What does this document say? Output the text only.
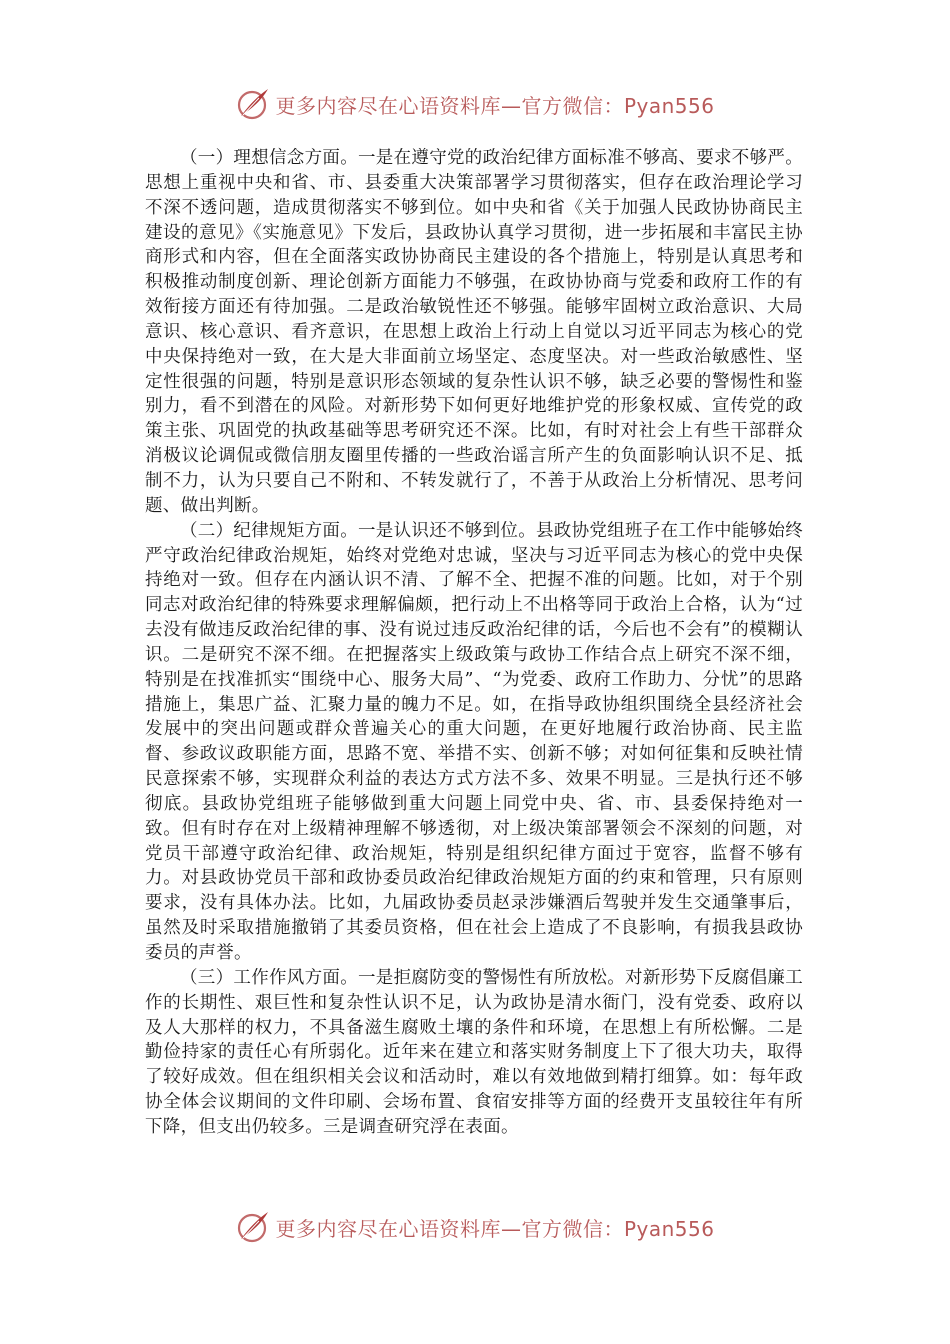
更多内容尽在心语资料库—官方微信：Pyan556

（一）理想信念方面。一是在遵守党的政治纪律方面标准不够高、要求不够严。思想上重视中央和省、市、县委重大决策部署学习贯彻落实，但存在政治理论学习不深不透问题，造成贯彻落实不够到位。如中央和省《关于加强人民政协协商民主建设的意见》《实施意见》下发后，县政协认真学习贯彻，进一步拓展和丰富民主协商形式和内容，但在全面落实政协协商民主建设的各个措施上，特别是认真思考和积极推动制度创新、理论创新方面能力不够强，在政协协商与党委和政府工作的有效衔接方面还有待加强。二是政治敏锐性还不够强。能够牢固树立政治意识、大局意识、核心意识、看齐意识，在思想上政治上行动上自觉以习近平同志为核心的党中央保持绝对一致，在大是大非面前立场坚定、态度坚决。对一些政治敏感性、坚定性很强的问题，特别是意识形态领域的复杂性认识不够，缺乏必要的警惕性和鉴别力，看不到潜在的风险。对新形势下如何更好地维护党的形象权威、宣传党的政策主张、巩固党的执政基础等思考研究还不深。比如，有时对社会上有些干部群众消极议论调侃或微信朋友圈里传播的一些政治谣言所产生的负面影响认识不足、抵制不力，认为只要自己不附和、不转发就行了，不善于从政治上分析情况、思考问题、做出判断。

（二）纪律规矩方面。一是认识还不够到位。县政协党组班子在工作中能够始终严守政治纪律政治规矩，始终对党绝对忠诚，坚决与习近平同志为核心的党中央保持绝对一致。但存在内涵认识不清、了解不全、把握不准的问题。比如，对于个别同志对政治纪律的特殊要求理解偏颇，把行动上不出格等同于政治上合格，认为“过去没有做违反政治纪律的事、没有说过违反政治纪律的话，今后也不会有”的模糊认识。二是研究不深不细。在把握落实上级政策与政协工作结合点上研究不深不细，特别是在找准抓实“围绕中心、服务大局”、“为党委、政府工作助力、分忧”的思路措施上，集思广益、汇聚力量的魄力不足。如，在指导政协组织围绕全县经济社会发展中的突出问题或群众普遍关心的重大问题，在更好地履行政治协商、民主监督、参政议政职能方面，思路不宽、举措不实、创新不够；对如何征集和反映社情民意探索不够，实现群众利益的表达方式方法不多、效果不明显。三是执行还不够彻底。县政协党组班子能够做到重大问题上同党中央、省、市、县委保持绝对一致。但有时存在对上级精神理解不够透彻，对上级决策部署领会不深刻的问题，对党员干部遵守政治纪律、政治规矩，特别是组织纪律方面过于宽容，监督不够有力。对县政协党员干部和政协委员政治纪律政治规矩方面的约束和管理，只有原则要求，没有具体办法。比如，九届政协委员赵录涉嫌酒后驾驶并发生交通肇事后，虽然及时采取措施撤销了其委员资格，但在社会上造成了不良影响，有损我县政协委员的声誉。

（三）工作作风方面。一是拒腐防变的警惕性有所放松。对新形势下反腐倡廉工作的长期性、艰巨性和复杂性认识不足，认为政协是清水衙门，没有党委、政府以及人大那样的权力，不具备滋生腐败土壤的条件和环境，在思想上有所松懈。二是勤俭持家的责任心有所弱化。近年来在建立和落实财务制度上下了很大功夫，取得了较好成效。但在组织相关会议和活动时，难以有效地做到精打细算。如：每年政协全体会议期间的文件印刷、会场布置、食宿安排等方面的经费开支虽较往年有所下降，但支出仍较多。三是调查研究浮在表面。

更多内容尽在心语资料库—官方微信：Pyan556
